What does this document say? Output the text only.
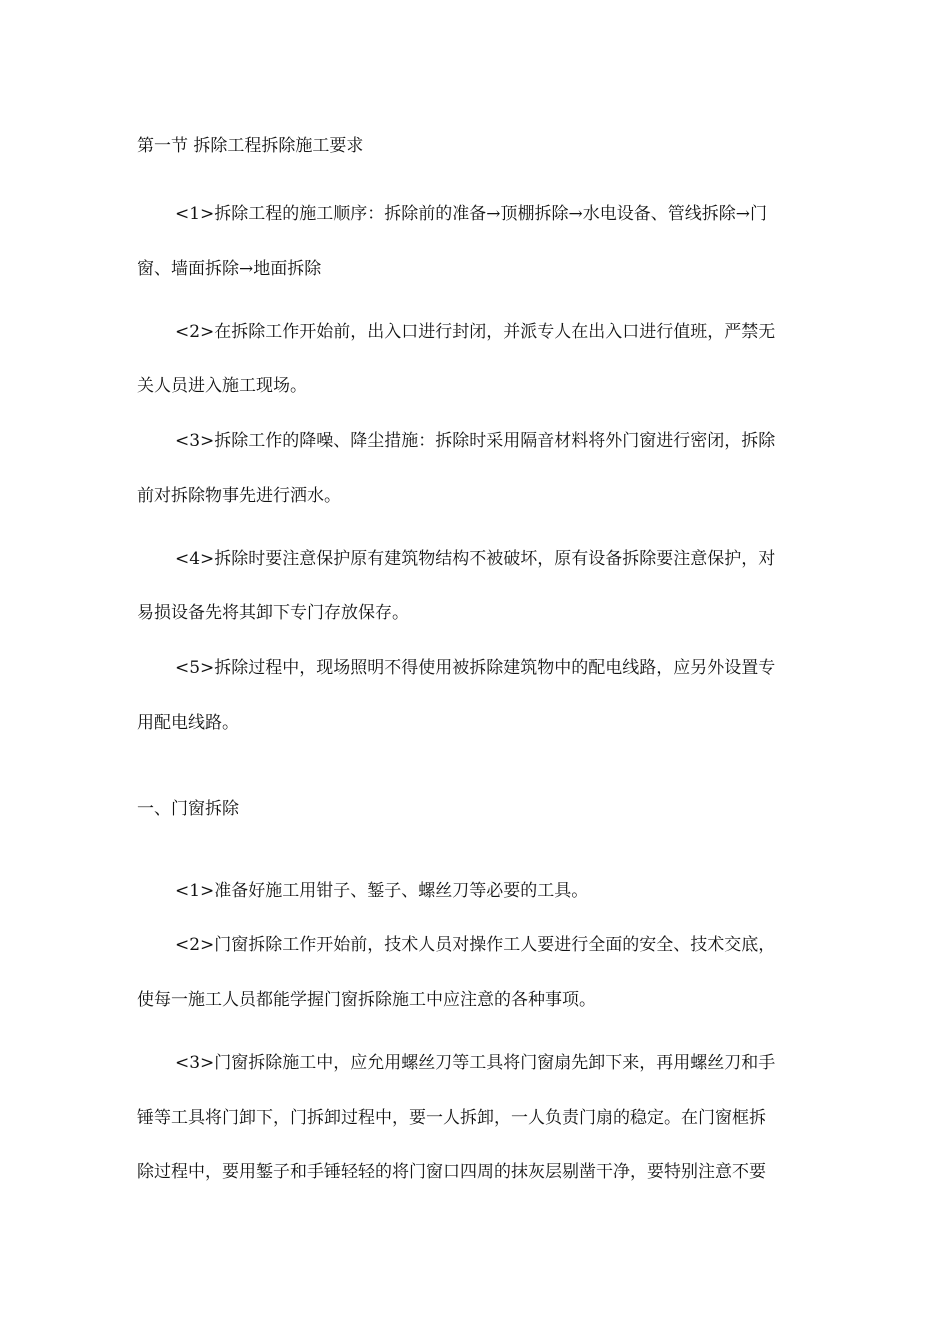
第一节 拆除工程拆除施工要求
<1>拆除工程的施工顺序：拆除前的准备→顶棚拆除→水电设备、管线拆除→门
窗、墙面拆除→地面拆除
<2>在拆除工作开始前，出入口进行封闭，并派专人在出入口进行值班，严禁无
关人员进入施工现场。
<3>拆除工作的降噪、降尘措施：拆除时采用隔音材料将外门窗进行密闭，拆除
前对拆除物事先进行洒水。
<4>拆除时要注意保护原有建筑物结构不被破坏，原有设备拆除要注意保护，对
易损设备先将其卸下专门存放保存。
<5>拆除过程中，现场照明不得使用被拆除建筑物中的配电线路，应另外设置专
用配电线路。
一、门窗拆除
<1>准备好施工用钳子、錾子、螺丝刀等必要的工具。
<2>门窗拆除工作开始前，技术人员对操作工人要进行全面的安全、技术交底，
使每一施工人员都能学握门窗拆除施工中应注意的各种事项。
<3>门窗拆除施工中，应允用螺丝刀等工具将门窗扇先卸下来，再用螺丝刀和手
锤等工具将门卸下，门拆卸过程中，要一人拆卸，一人负责门扇的稳定。在门窗框拆
除过程中，要用錾子和手锤轻轻的将门窗口四周的抹灰层剔凿干净，要特别注意不要
